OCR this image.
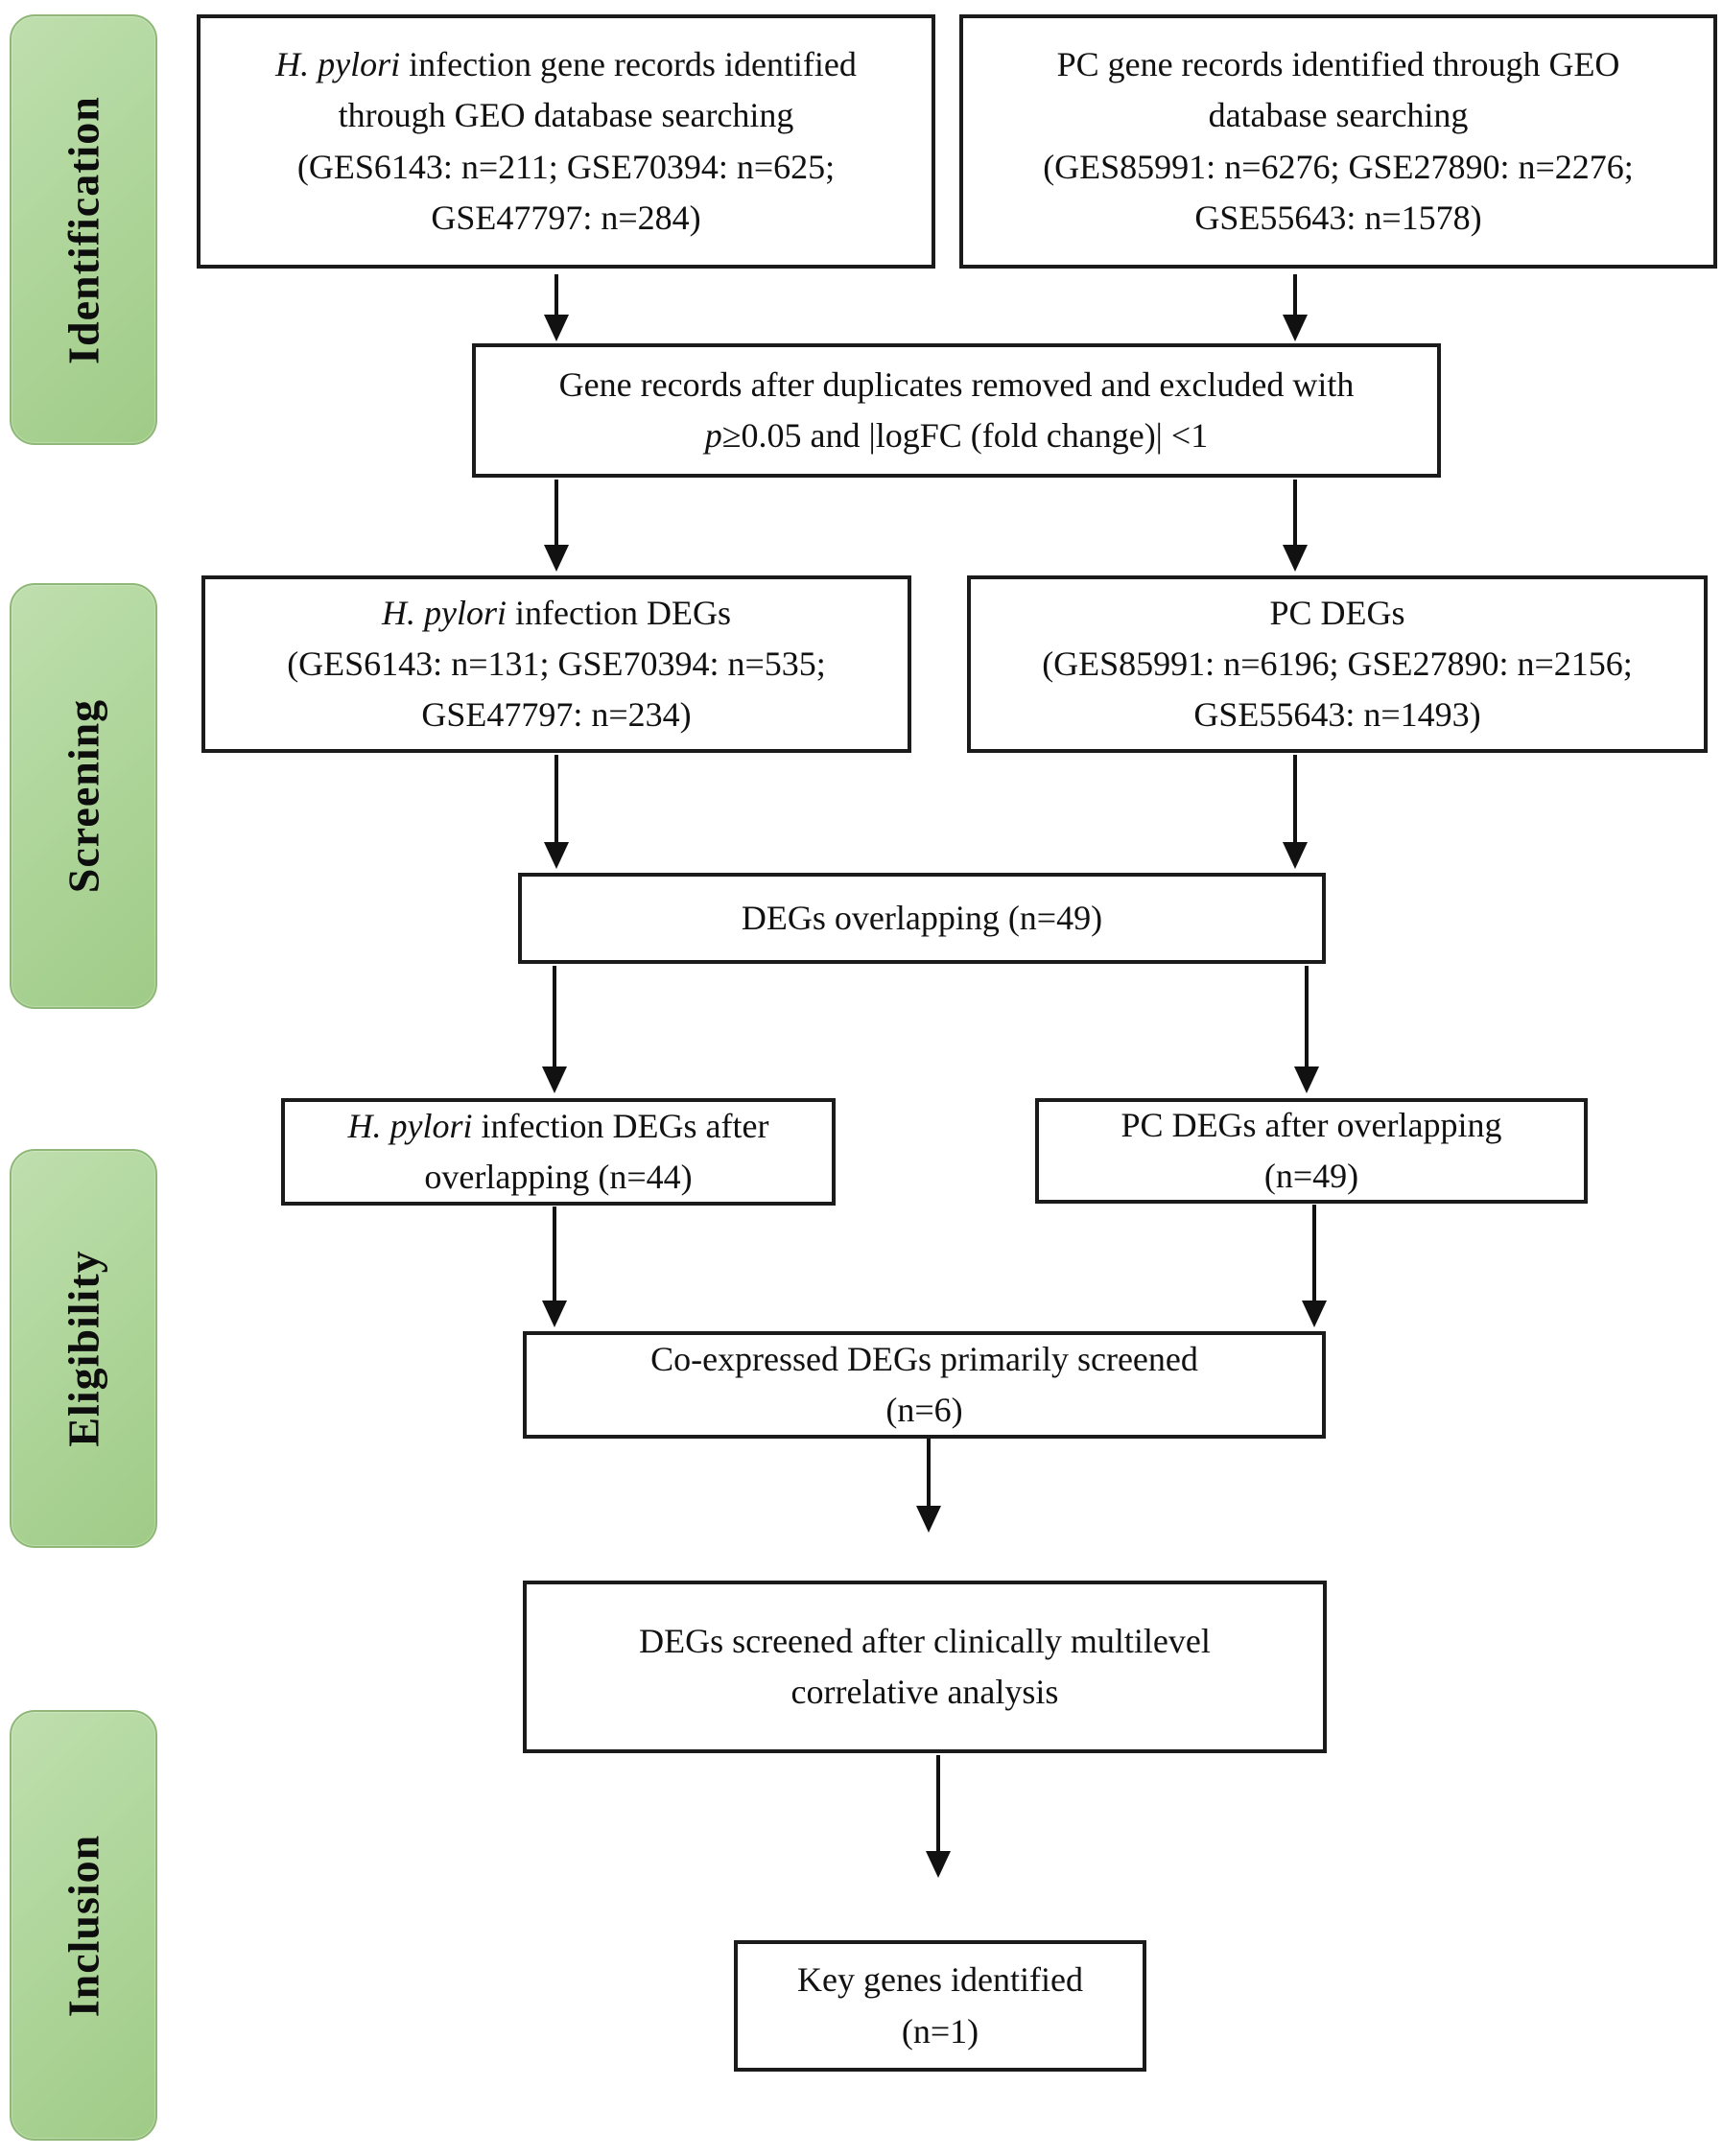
Identification
Screening
Eligibility
Inclusion
H. pylori infection gene records identified
through GEO database searching
(GES6143: n=211; GSE70394: n=625;
GSE47797: n=284)
PC gene records identified through GEO
database searching
(GES85991: n=6276; GSE27890: n=2276;
GSE55643: n=1578)
Gene records after duplicates removed and excluded with
p≥0.05 and |logFC (fold change)| <1
H. pylori infection DEGs
(GES6143: n=131; GSE70394: n=535;
GSE47797: n=234)
PC DEGs
(GES85991: n=6196; GSE27890: n=2156;
GSE55643: n=1493)
DEGs overlapping (n=49)
H. pylori infection DEGs after
overlapping (n=44)
PC DEGs after overlapping
(n=49)
Co-expressed DEGs primarily screened
(n=6)
DEGs screened after clinically multilevel
correlative analysis
Key genes identified
(n=1)
